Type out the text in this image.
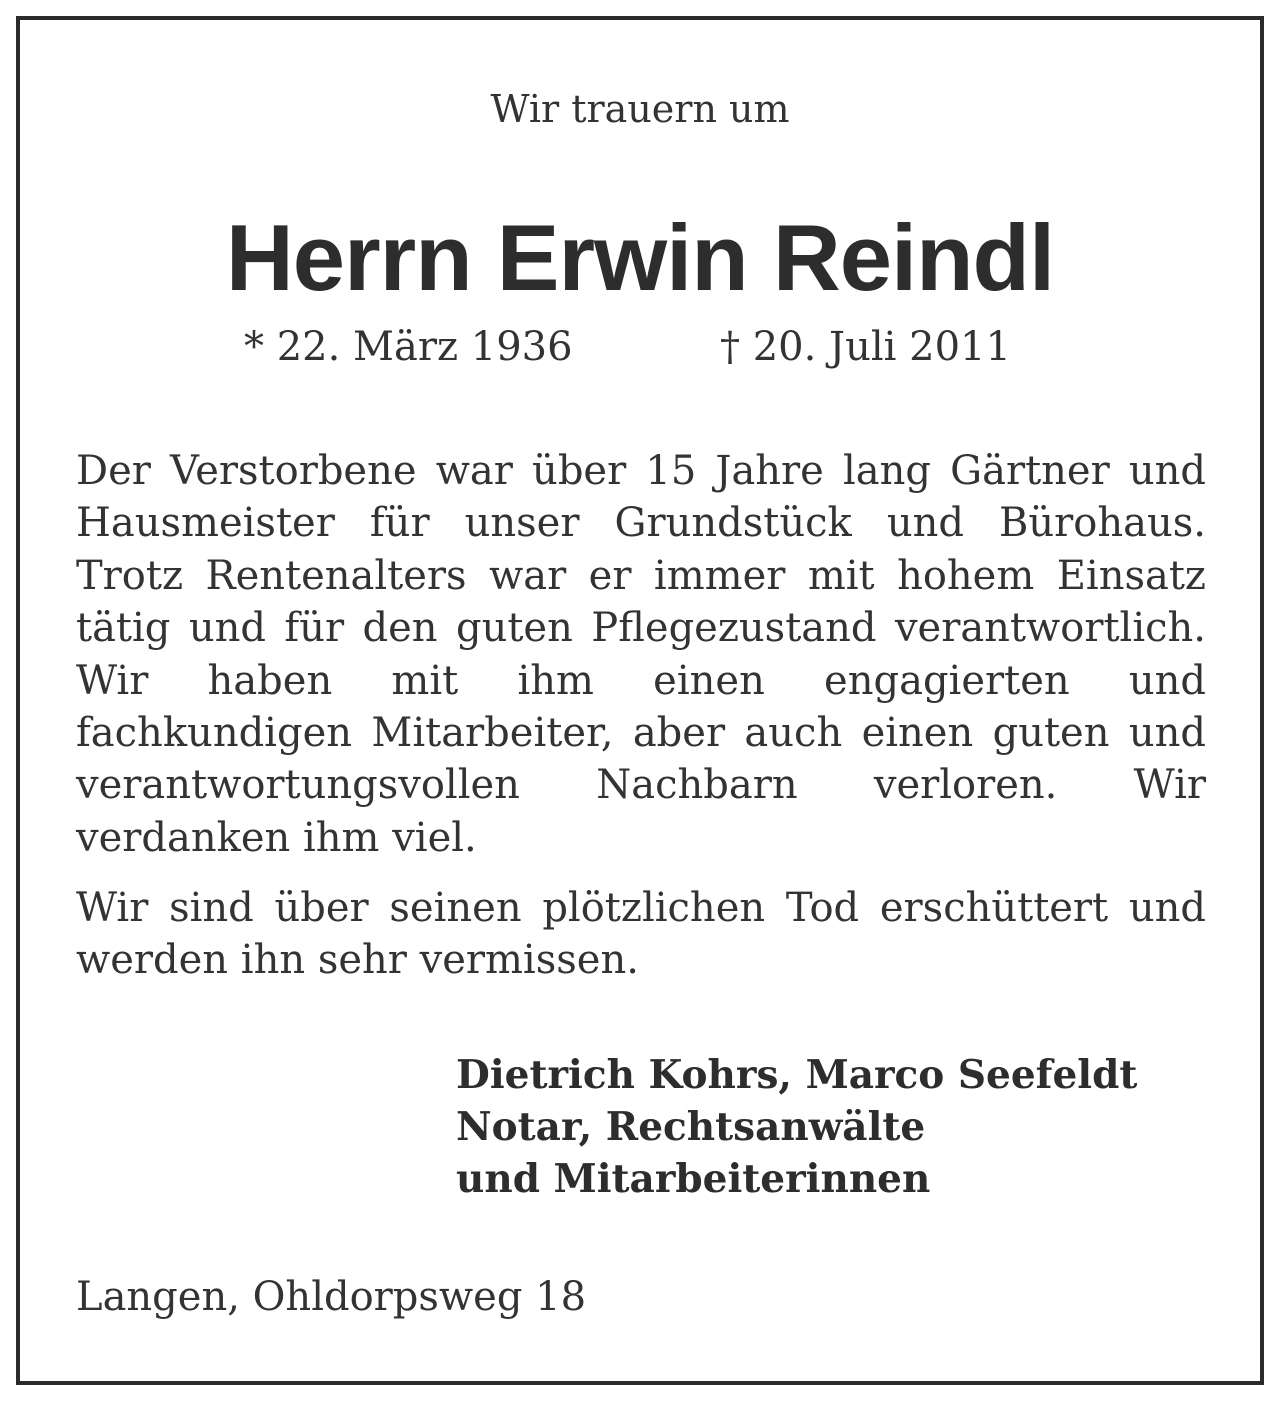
Wir trauern um
Herrn Erwin Reindl
* 22. März 1936	† 20. Juli 2011

Der Verstorbene war über 15 Jahre lang Gärtner und Hausmeister für unser Grundstück und Bürohaus. Trotz Rentenalters war er immer mit hohem Einsatz tätig und für den guten Pflegezustand verantwortlich. Wir haben mit ihm einen engagierten und fachkundigen Mitarbeiter, aber auch einen guten und verantwortungsvollen Nachbarn verloren. Wir verdanken ihm viel.

Wir sind über seinen plötzlichen Tod erschüttert und werden ihn sehr vermissen.

Dietrich Kohrs, Marco Seefeldt
Notar, Rechtsanwälte
und Mitarbeiterinnen
Langen, Ohldorpsweg 18
